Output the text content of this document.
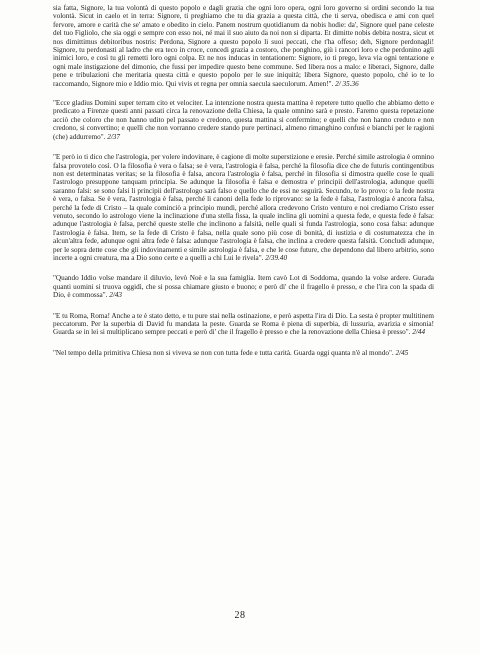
sia fatta, Signore, la tua volontà di questo popolo e dagli grazia che ogni loro opera, ogni loro governo si ordini secondo la tua volontà. Sicut in caelo et in terra: Signore, ti preghiamo che tu dia grazia a questa città, che ti serva, obedisca e ami con quel fervore, amore e carità che se' amato e obedito in cielo. Panem nostrum quotidianum da nobis hodie: da', Signore quel pane celeste del tuo Figliolo, che sia oggi e sempre con esso noi, né mai il suo aiuto da noi non si diparta. Et dimitte nobis debita nostra, sicut et nos dimittimus debitoribus nostris: Perdona, Signore a questo popolo li suoi peccati, che t'ha offeso; deh, Signore perdonagli! Signore, tu perdonasti al ladro che era teco in croce, concedi grazia a costoro, che ponghino, giù i rancori loro e che perdonino agli inimici loro, e così tu gli remetti loro ogni colpa. Et ne nos inducas in tentationem: Signore, io ti prego, leva via ogni tentazione e ogni male instigazione del dimonio, che fussi per impedire questo bene commune. Sed libera nos a malo: e liberaci, Signore, dalle pene e tribulazioni che meritaria questa città e questo popolo per le sue iniquità; libera Signore, questo popolo, ché io te lo raccomando, Signore mio e Iddio mio. Qui vivis et regna per omnia saecula saeculorum. Amen!". 2/ 35.36

"Ecce gladius Domini super terram cito et velociter. La intenzione nostra questa mattina è repetere tutto quello che abbiamo detto e predicato a Firenze questi anni passati circa la renovazione della Chiesa, la quale omnino sarà e presto. Faremo questa repetazione acciò che coloro che non hanno udito pel passato e credono, questa mattina si confermino; e quelli che non hanno creduto e non credono, si convertino; e quelli che non vorranno credere stando pure pertinaci, almeno rimanghino confusi e bianchi per le ragioni (che) addurremo". 2/37

"E però io ti dico che l'astrologia, per volere indovinare, è cagione di molte superstizione e eresie. Perché simile astrologia è omnino falsa provotelo così. O la filosofia è vera o falsa; se è vera, l'astrologia è falsa, perché la filosofia dice che de futuris contingentibus non est determinatas veritas; se la filosofia è falsa, ancora l'astrologia è falsa, perché in filosofia si dimostra quelle cose le quali l'astrologo presuppone tanquam principia. Se adunque la filosofia è falsa e demostra e' principii dell'astrologia, adunque quelli saranno falsi: se sono falsi li principii dell'astrologo sarà falso e quello che de essi ne seguirà. Secundo, te lo provo: o la fede nostra è vera, o falsa. Se è vera, l'astrologia è falsa, perché li canoni della fede lo riprovano: se la fede è falsa, l'astrologia è ancora falsa, perché la fede di Cristo – la quale cominciò a principio mundi, perché allora credevono Cristo venturo e noi crediamo Cristo esser venuto, secondo lo astrologo viene la inclinazione d'una stella fissa, la quale inclina gli uomini a questa fede, e questa fede è falsa: adunque l'astrologia è falsa, perché queste stelle che inclinono a falsità, nelle quali si funda l'astrologia, sono cosa falsa: adunque l'astrologia è falsa. Item, se la fede di Cristo è falsa, nella quale sono più cose di bonità, di iustizia e di costumatezza che in alcun'altra fede, adunque ogni altra fede è falsa: adunque l'astrologia è falsa, che inclina a credere questa falsità. Concludi adunque, per le sopra dette cose che gli indovinamenti e simile astrologia è falsa, e che le cose future, che dependono dal libero arbitrio, sono incerte a ogni creatura, ma a Dio sono certe e a quelli a chi Lui le rivela". 2/39.40

"Quando Iddio volse mandare il diluvio, levò Noè e la sua famiglia. Item cavò Lot di Soddoma, quando la volse ardere. Gurada quanti uomini si truova oggidì, che si possa chiamare giusto e buono; e però di' che il fragello è presso, e che l'ira con la spada di Dio, è commossa". 2/43

"E tu Roma, Roma! Anche a te è stato detto, e tu pure stai nella ostinazione, e però aspetta l'ira di Dio. La sesta è propter multitinem peccatorum. Per la superbia di David fu mandata la peste. Guarda se Roma è piena di superbia, di lussuria, avarizia e simonia! Guarda se in lei si multiplicano sempre peccati e però di' che il fragello è presso e che la renovazione della Chiesa è presso". 2/44

"Nel tempo della primitiva Chiesa non si viveva se non con tutta fede e tutta carità. Guarda oggi quanta n'è al mondo". 2/45

28
